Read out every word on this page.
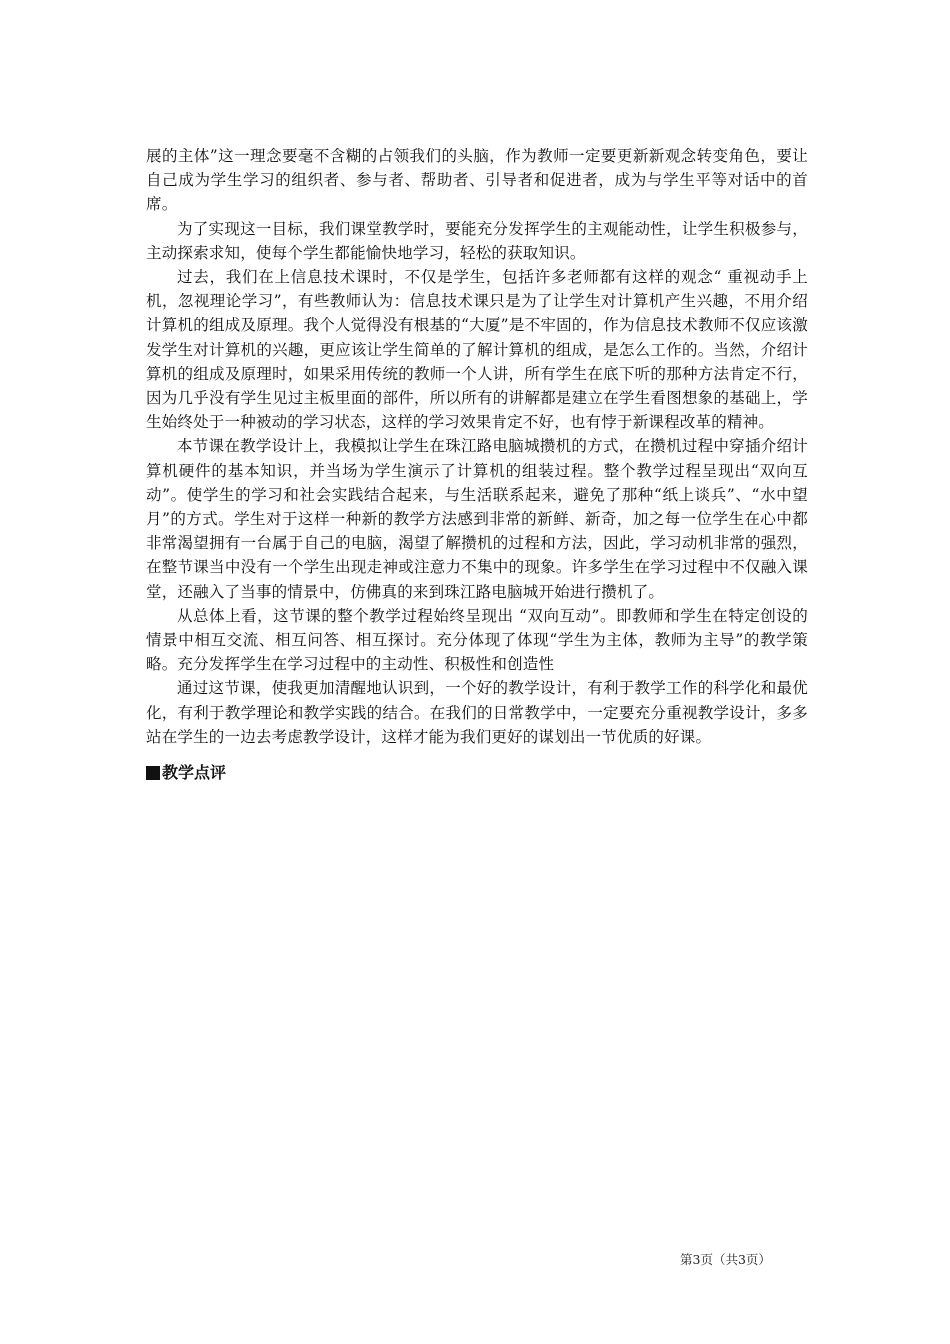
展的主体”这一理念要毫不含糊的占领我们的头脑，作为教师一定要更新新观念转变角色，要让自己成为学生学习的组织者、参与者、帮助者、引导者和促进者，成为与学生平等对话中的首席。

为了实现这一目标，我们课堂教学时，要能充分发挥学生的主观能动性，让学生积极参与，主动探索求知，使每个学生都能愉快地学习，轻松的获取知识。

过去，我们在上信息技术课时，不仅是学生，包括许多老师都有这样的观念“ 重视动手上机，忽视理论学习”，有些教师认为：信息技术课只是为了让学生对计算机产生兴趣，不用介绍计算机的组成及原理。我个人觉得没有根基的“大厦”是不牢固的，作为信息技术教师不仅应该激发学生对计算机的兴趣，更应该让学生简单的了解计算机的组成，是怎么工作的。当然，介绍计算机的组成及原理时，如果采用传统的教师一个人讲，所有学生在底下听的那种方法肯定不行，因为几乎没有学生见过主板里面的部件，所以所有的讲解都是建立在学生看图想象的基础上，学生始终处于一种被动的学习状态，这样的学习效果肯定不好，也有悖于新课程改革的精神。

本节课在教学设计上，我模拟让学生在珠江路电脑城攒机的方式，在攒机过程中穿插介绍计算机硬件的基本知识，并当场为学生演示了计算机的组装过程。整个教学过程呈现出“双向互动”。使学生的学习和社会实践结合起来，与生活联系起来，避免了那种“纸上谈兵”、“水中望月”的方式。学生对于这样一种新的教学方法感到非常的新鲜、新奇，加之每一位学生在心中都非常渴望拥有一台属于自己的电脑，渴望了解攒机的过程和方法，因此，学习动机非常的强烈，在整节课当中没有一个学生出现走神或注意力不集中的现象。许多学生在学习过程中不仅融入课堂，还融入了当事的情景中，仿佛真的来到珠江路电脑城开始进行攒机了。

从总体上看，这节课的整个教学过程始终呈现出 “双向互动”。即教师和学生在特定创设的情景中相互交流、相互问答、相互探讨。充分体现了体现“学生为主体，教师为主导”的教学策略。充分发挥学生在学习过程中的主动性、积极性和创造性

通过这节课，使我更加清醒地认识到，一个好的教学设计，有利于教学工作的科学化和最优化，有利于教学理论和教学实践的结合。在我们的日常教学中，一定要充分重视教学设计，多多站在学生的一边去考虑教学设计，这样才能为我们更好的谋划出一节优质的好课。

教学点评
第3页（共3页）
